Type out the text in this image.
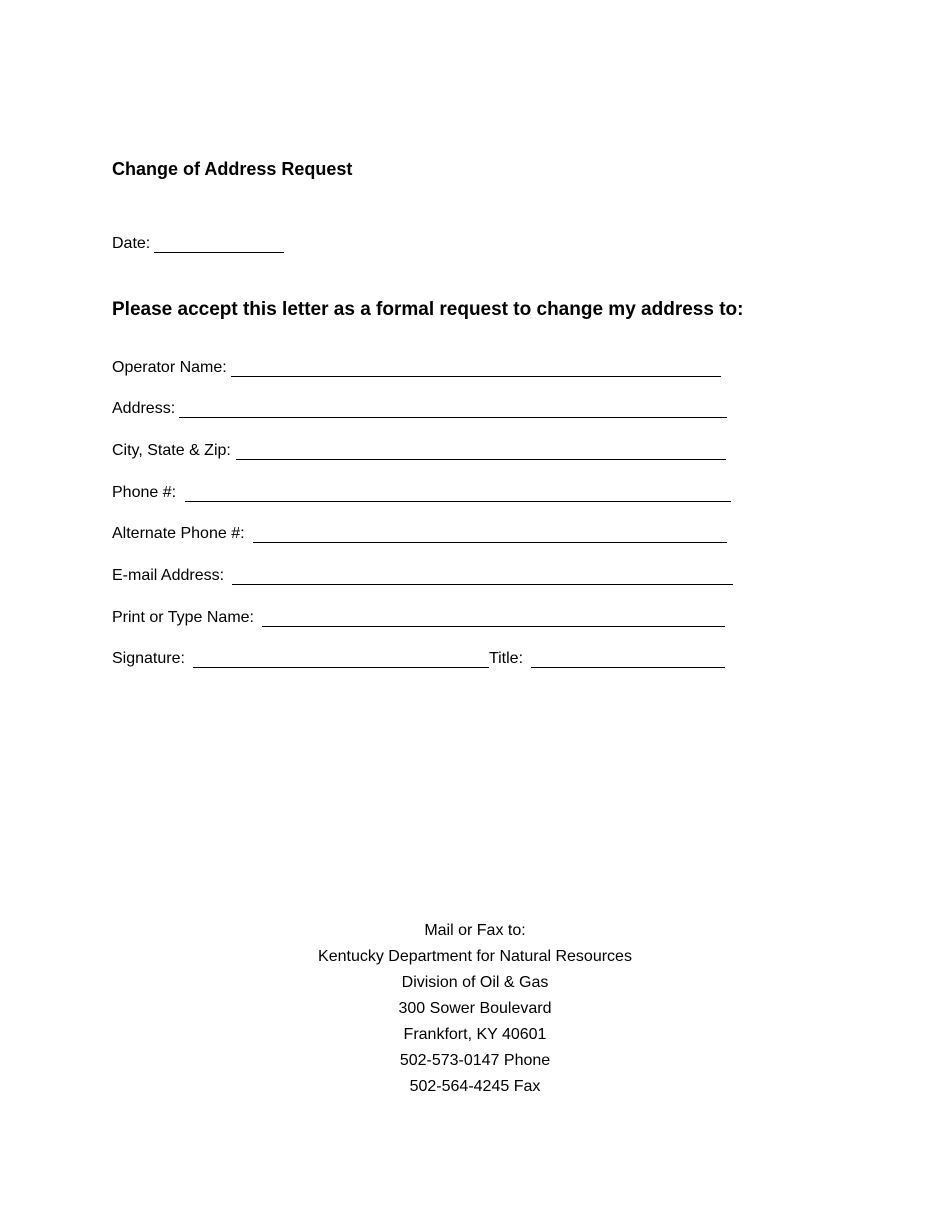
Change of Address Request
Date:
Please accept this letter as a formal request to change my address to:
Operator Name:
Address:
City, State & Zip:
Phone #:
Alternate Phone #:
E-mail Address:
Print or Type Name:
Signature:	Title:
Mail or Fax to:
Kentucky Department for Natural Resources
Division of Oil & Gas
300 Sower Boulevard
Frankfort, KY 40601
502-573-0147 Phone
502-564-4245 Fax
